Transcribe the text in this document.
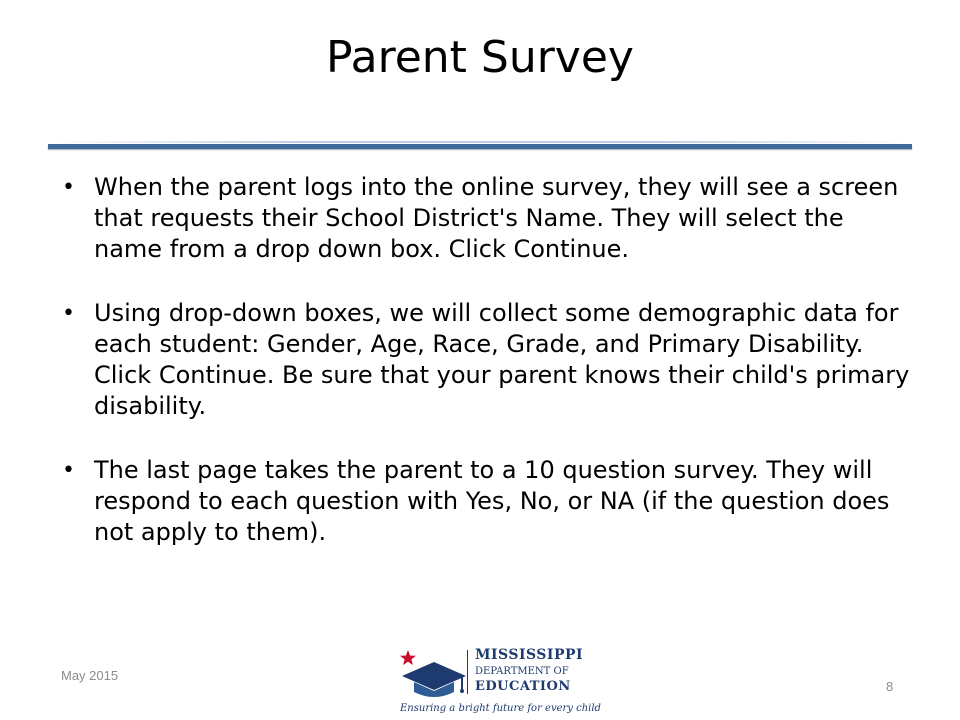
Parent Survey
• When the parent logs into the online survey, they will see a screen that requests their School District's Name. They will select the name from a drop down box. Click Continue.
• Using drop-down boxes, we will collect some demographic data for each student: Gender, Age, Race, Grade, and Primary Disability. Click Continue. Be sure that your parent knows their child's primary disability.
• The last page takes the parent to a 10 question survey. They will respond to each question with Yes, No, or NA (if the question does not apply to them).
May 2015
MISSISSIPPI
DEPARTMENT OF
EDUCATION
Ensuring a bright future for every child
8
